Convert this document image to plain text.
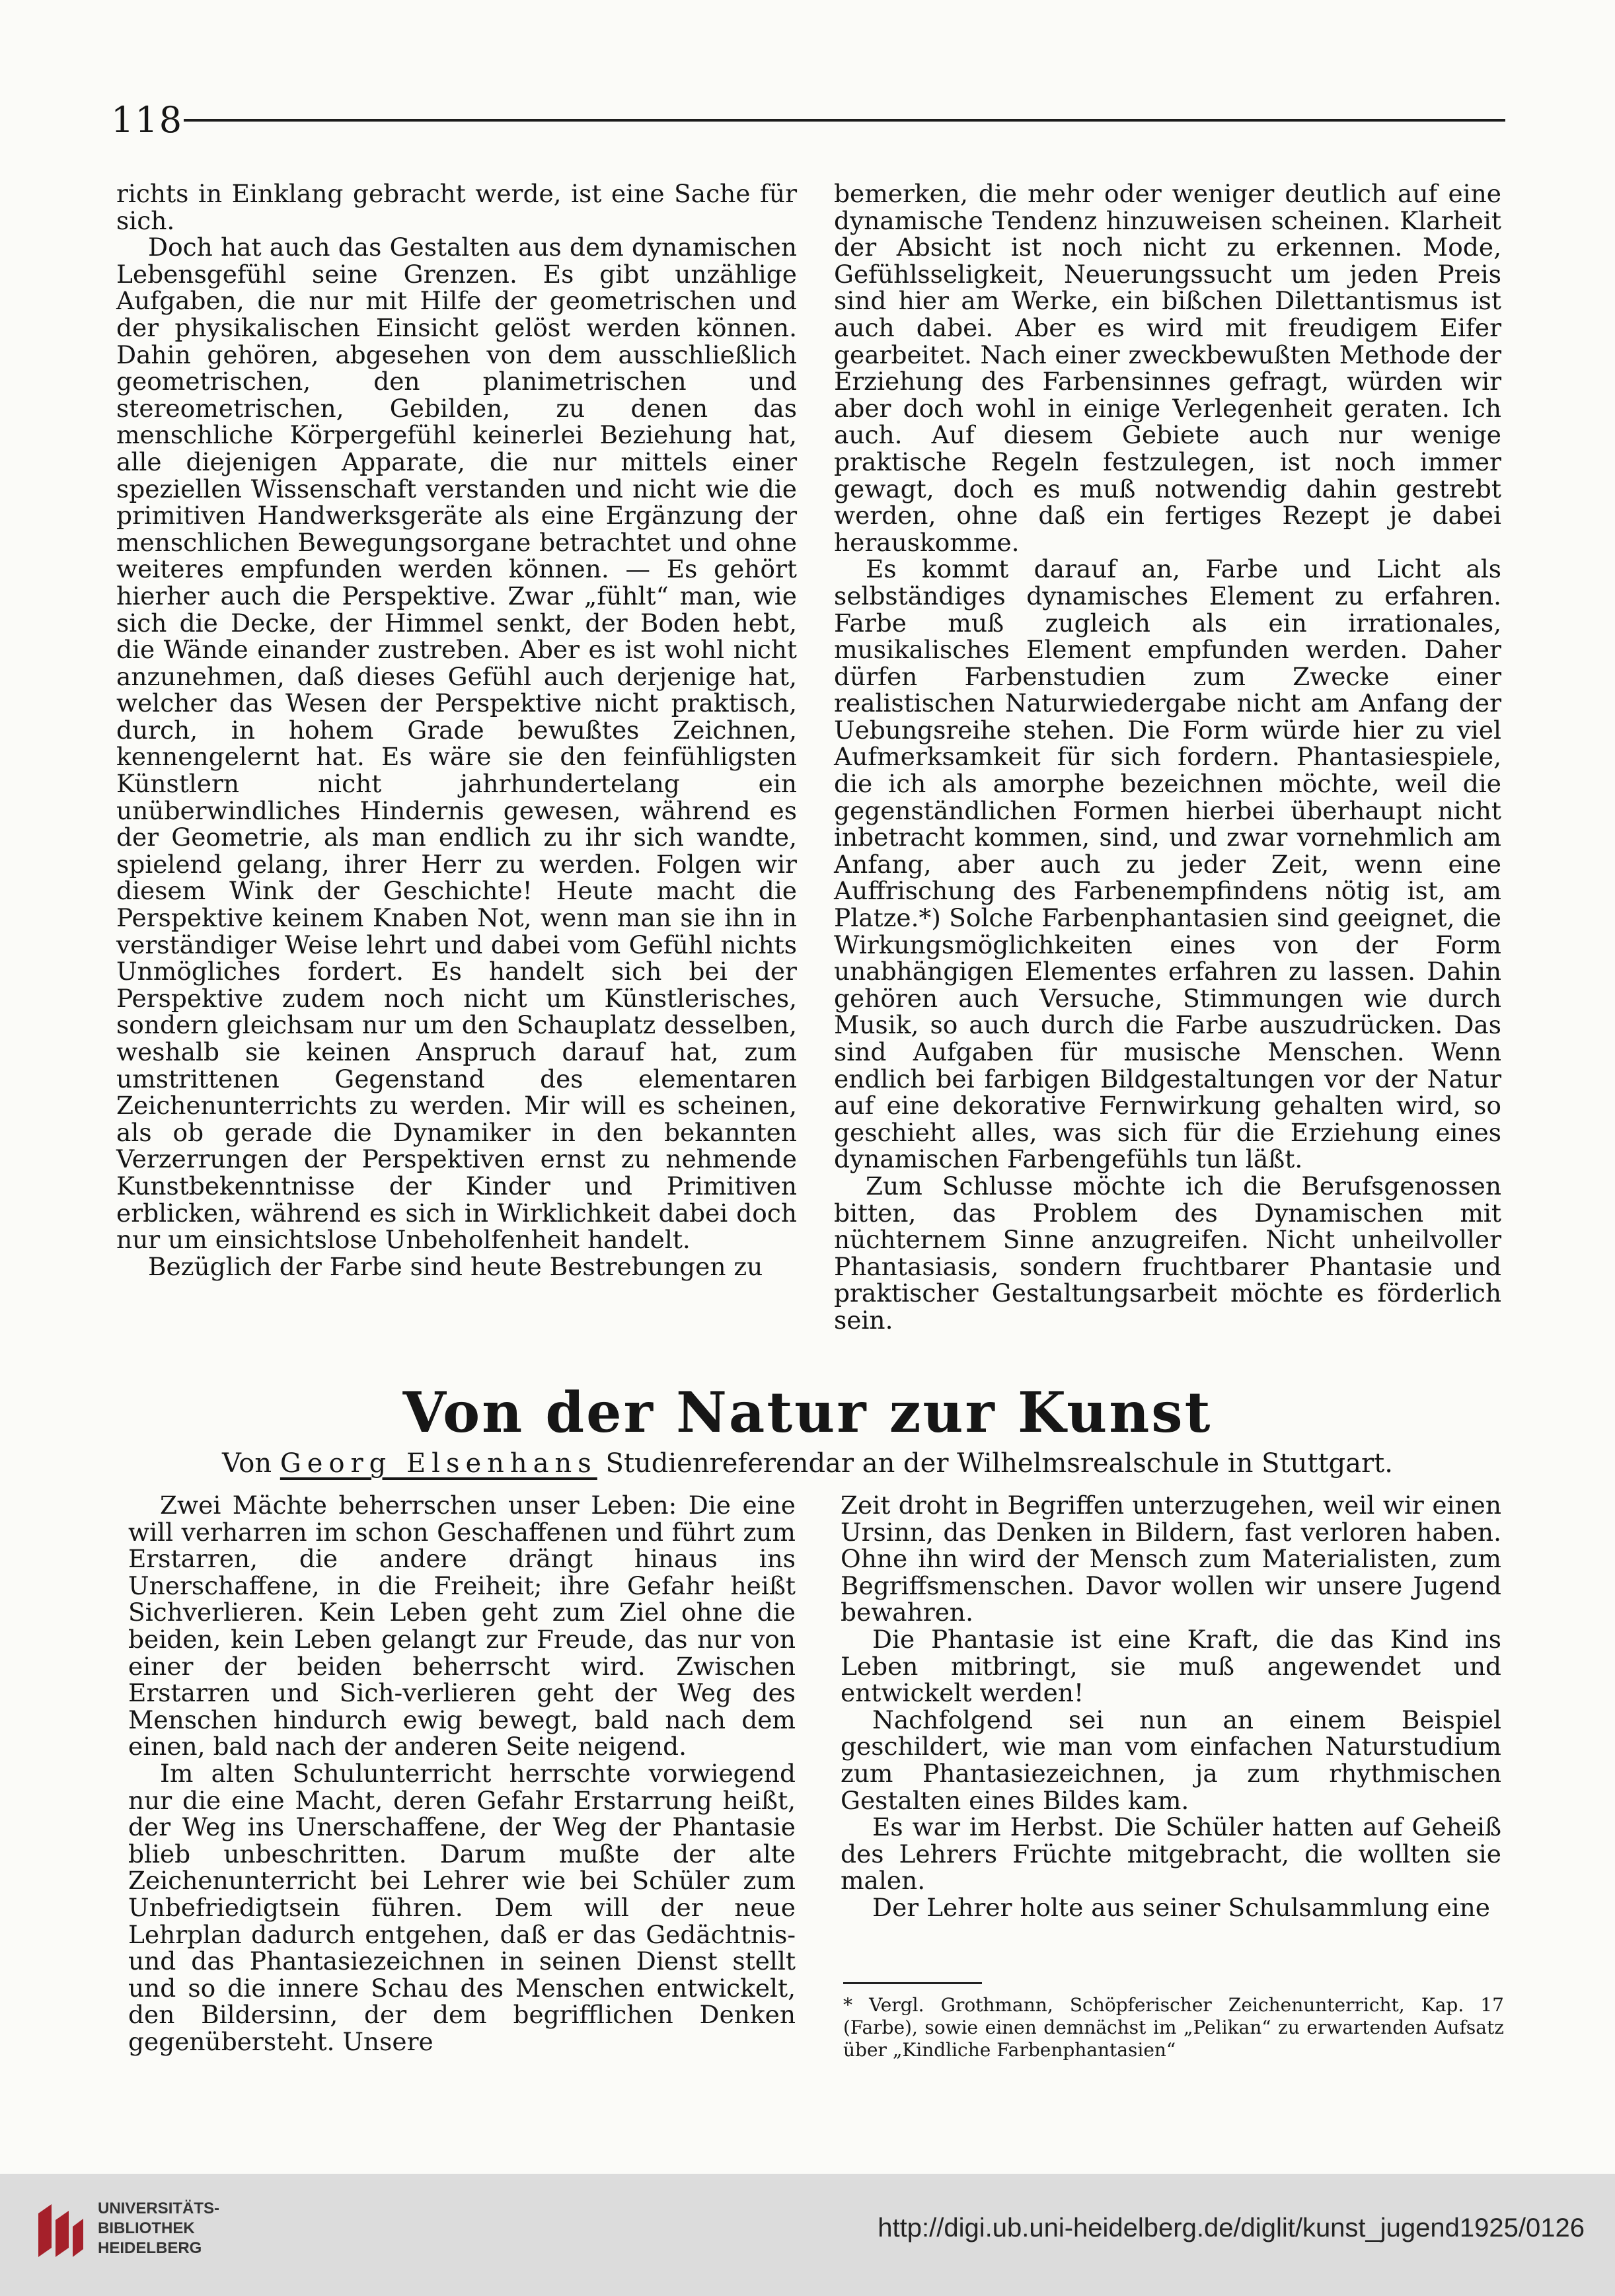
118

richts in Einklang gebracht werde, ist eine Sache für sich.

Doch hat auch das Gestalten aus dem dynamischen Lebensgefühl seine Grenzen. Es gibt unzählige Aufgaben, die nur mit Hilfe der geometrischen und der physikalischen Einsicht gelöst werden können. Dahin gehören, abgesehen von dem ausschließlich geometrischen, den planimetrischen und stereometrischen, Gebilden, zu denen das menschliche Körpergefühl keinerlei Beziehung hat, alle diejenigen Apparate, die nur mittels einer speziellen Wissenschaft verstanden und nicht wie die primitiven Handwerksgeräte als eine Ergänzung der menschlichen Bewegungsorgane betrachtet und ohne weiteres empfunden werden können. — Es gehört hierher auch die Perspektive. Zwar „fühlt“ man, wie sich die Decke, der Himmel senkt, der Boden hebt, die Wände einander zustreben. Aber es ist wohl nicht anzunehmen, daß dieses Gefühl auch derjenige hat, welcher das Wesen der Perspektive nicht praktisch, durch, in hohem Grade bewußtes Zeichnen, kennengelernt hat. Es wäre sie den feinfühligsten Künstlern nicht jahrhundertelang ein unüberwindliches Hindernis gewesen, während es der Geometrie, als man endlich zu ihr sich wandte, spielend gelang, ihrer Herr zu werden. Folgen wir diesem Wink der Geschichte! Heute macht die Perspektive keinem Knaben Not, wenn man sie ihn in verständiger Weise lehrt und dabei vom Gefühl nichts Unmögliches fordert. Es handelt sich bei der Perspektive zudem noch nicht um Künstlerisches, sondern gleichsam nur um den Schauplatz desselben, weshalb sie keinen Anspruch darauf hat, zum umstrittenen Gegenstand des elementaren Zeichenunterrichts zu werden. Mir will es scheinen, als ob gerade die Dynamiker in den bekannten Verzerrungen der Perspektiven ernst zu nehmende Kunstbekenntnisse der Kinder und Primitiven erblicken, während es sich in Wirklichkeit dabei doch nur um einsichtslose Unbeholfenheit handelt.

Bezüglich der Farbe sind heute Bestrebungen zu

bemerken, die mehr oder weniger deutlich auf eine dynamische Tendenz hinzuweisen scheinen. Klarheit der Absicht ist noch nicht zu erkennen. Mode, Gefühlsseligkeit, Neuerungssucht um jeden Preis sind hier am Werke, ein bißchen Dilettantismus ist auch dabei. Aber es wird mit freudigem Eifer gearbeitet. Nach einer zweckbewußten Methode der Erziehung des Farbensinnes gefragt, würden wir aber doch wohl in einige Verlegenheit geraten. Ich auch. Auf diesem Gebiete auch nur wenige praktische Regeln festzulegen, ist noch immer gewagt, doch es muß notwendig dahin gestrebt werden, ohne daß ein fertiges Rezept je dabei herauskomme.

Es kommt darauf an, Farbe und Licht als selbständiges dynamisches Element zu erfahren. Farbe muß zugleich als ein irrationales, musikalisches Element empfunden werden. Daher dürfen Farbenstudien zum Zwecke einer realistischen Naturwiedergabe nicht am Anfang der Uebungsreihe stehen. Die Form würde hier zu viel Aufmerksamkeit für sich fordern. Phantasiespiele, die ich als amorphe bezeichnen möchte, weil die gegenständlichen Formen hierbei überhaupt nicht inbetracht kommen, sind, und zwar vornehmlich am Anfang, aber auch zu jeder Zeit, wenn eine Auffrischung des Farbenempfindens nötig ist, am Platze.*) Solche Farbenphantasien sind geeignet, die Wirkungsmöglichkeiten eines von der Form unabhängigen Elementes erfahren zu lassen. Dahin gehören auch Versuche, Stimmungen wie durch Musik, so auch durch die Farbe auszudrücken. Das sind Aufgaben für musische Menschen. Wenn endlich bei farbigen Bildgestaltungen vor der Natur auf eine dekorative Fernwirkung gehalten wird, so geschieht alles, was sich für die Erziehung eines dynamischen Farbengefühls tun läßt.

Zum Schlusse möchte ich die Berufsgenossen bitten, das Problem des Dynamischen mit nüchternem Sinne anzugreifen. Nicht unheilvoller Phantasiasis, sondern fruchtbarer Phantasie und praktischer Gestaltungsarbeit möchte es förderlich sein.

Von der Natur zur Kunst
Von Georg Elsenhans Studienreferendar an der Wilhelmsrealschule in Stuttgart.

Zwei Mächte beherrschen unser Leben: Die eine will verharren im schon Geschaffenen und führt zum Erstarren, die andere drängt hinaus ins Unerschaffene, in die Freiheit; ihre Gefahr heißt Sichverlieren. Kein Leben geht zum Ziel ohne die beiden, kein Leben gelangt zur Freude, das nur von einer der beiden beherrscht wird. Zwischen Erstarren und Sich-verlieren geht der Weg des Menschen hindurch ewig bewegt, bald nach dem einen, bald nach der anderen Seite neigend.

Im alten Schulunterricht herrschte vorwiegend nur die eine Macht, deren Gefahr Erstarrung heißt, der Weg ins Unerschaffene, der Weg der Phantasie blieb unbeschritten. Darum mußte der alte Zeichenunterricht bei Lehrer wie bei Schüler zum Unbefriedigtsein führen. Dem will der neue Lehrplan dadurch entgehen, daß er das Gedächtnis- und das Phantasiezeichnen in seinen Dienst stellt und so die innere Schau des Menschen entwickelt, den Bildersinn, der dem begrifflichen Denken gegenübersteht. Unsere

Zeit droht in Begriffen unterzugehen, weil wir einen Ursinn, das Denken in Bildern, fast verloren haben. Ohne ihn wird der Mensch zum Materialisten, zum Begriffsmenschen. Davor wollen wir unsere Jugend bewahren.

Die Phantasie ist eine Kraft, die das Kind ins Leben mitbringt, sie muß angewendet und entwickelt werden!

Nachfolgend sei nun an einem Beispiel geschildert, wie man vom einfachen Naturstudium zum Phantasiezeichnen, ja zum rhythmischen Gestalten eines Bildes kam.

Es war im Herbst. Die Schüler hatten auf Geheiß des Lehrers Früchte mitgebracht, die wollten sie malen.

Der Lehrer holte aus seiner Schulsammlung eine

* Vergl. Grothmann, Schöpferischer Zeichenunterricht, Kap. 17 (Farbe), sowie einen demnächst im „Pelikan“ zu erwartenden Aufsatz über „Kindliche Farbenphantasien“
UNIVERSITÄTS-
BIBLIOTHEK
HEIDELBERG
http://digi.ub.uni-heidelberg.de/diglit/kunst_jugend1925/0126
